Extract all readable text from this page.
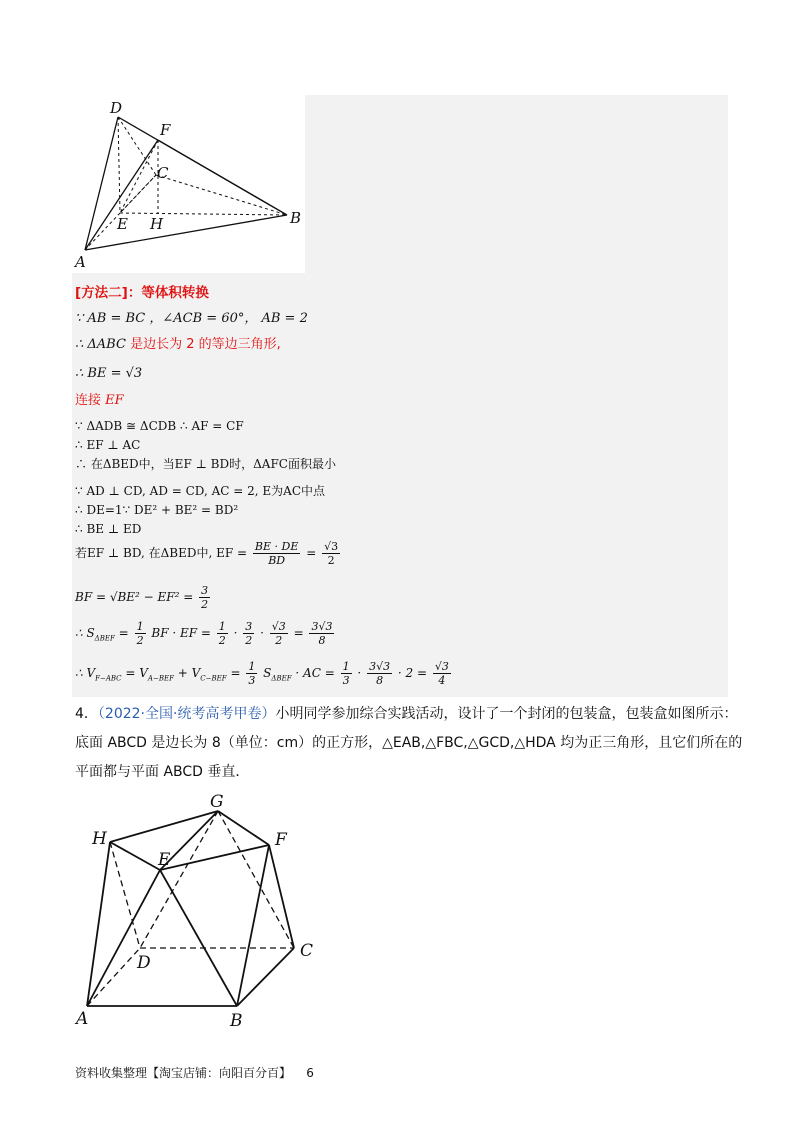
D
F
C
E H	B
A
[方法二]：等体积转换
∵ AB = BC ，∠ACB = 60°， AB = 2
∴ ΔABC 是边长为 2 的等边三角形,
∴ BE = √3
连接 EF
∵ ΔADB ≅ ΔCDB ∴ AF = CF
∴ EF ⊥ AC
∴ 在ΔBED中，当EF ⊥ BD时，ΔAFC面积最小
∵ AD ⊥ CD, AD = CD, AC = 2, E为AC中点
∴ DE=1∵ DE² + BE² = BD²
∴ BE ⊥ ED
若EF ⊥ BD, 在ΔBED中, EF = $\frac{BE \cdot DE}{BD} = \frac{√3}{2}$
BF = $√BE^2 - EF^2 = \frac{3}{2}$
∴ $S_{\Delta BEF} = \frac{1}{2}$ BF · EF = $\frac{1}{2} \cdot \frac{3}{2} \cdot \frac{√3}{2} = \frac{3√3}{8}$
∴ $V_{F-ABC} = V_{A-BEF} + V_{C-BEF} = \frac{1}{3} S_{\Delta BEF}$ · AC = $\frac{1}{3} \cdot \frac{3√3}{8} \cdot 2 = \frac{√3}{4}$
4．（2022·全国·统考高考甲卷）小明同学参加综合实践活动，设计了一个封闭的包装盒，包装盒如图所示：
底面 ABCD 是边长为 8（单位：cm）的正方形，△EAB,△FBC,△GCD,△HDA 均为正三角形，且它们所在的
平面都与平面 ABCD 垂直．
G
H	F
E
D
C
A	B
资料收集整理【淘宝店铺：向阳百分百】 6
